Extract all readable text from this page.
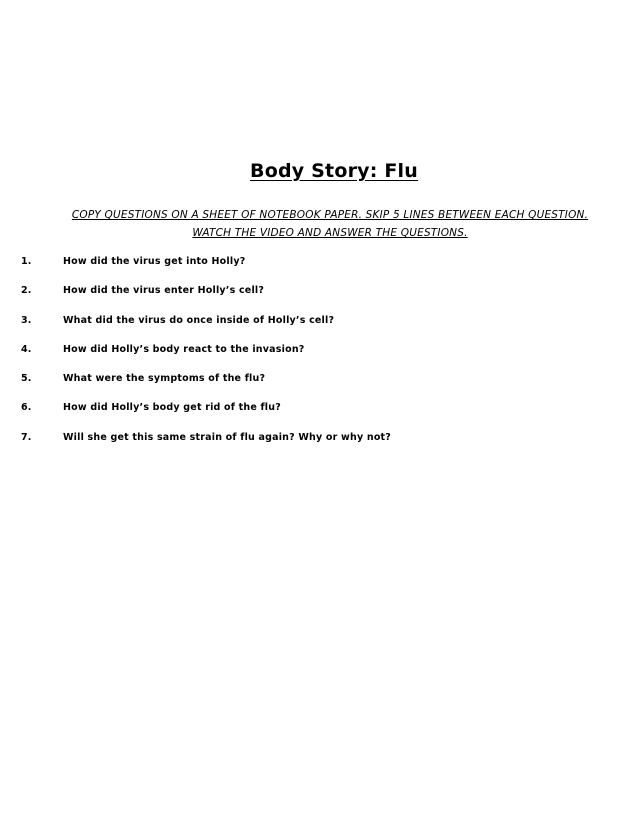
Body Story: Flu
COPY QUESTIONS ON A SHEET OF NOTEBOOK PAPER. SKIP 5 LINES BETWEEN EACH QUESTION. WATCH THE VIDEO AND ANSWER THE QUESTIONS.
1.	How did the virus get into Holly?
2.	How did the virus enter Holly’s cell?
3.	What did the virus do once inside of Holly’s cell?
4.	How did Holly’s body react to the invasion?
5.	What were the symptoms of the flu?
6.	How did Holly’s body get rid of the flu?
7.	Will she get this same strain of flu again? Why or why not?
